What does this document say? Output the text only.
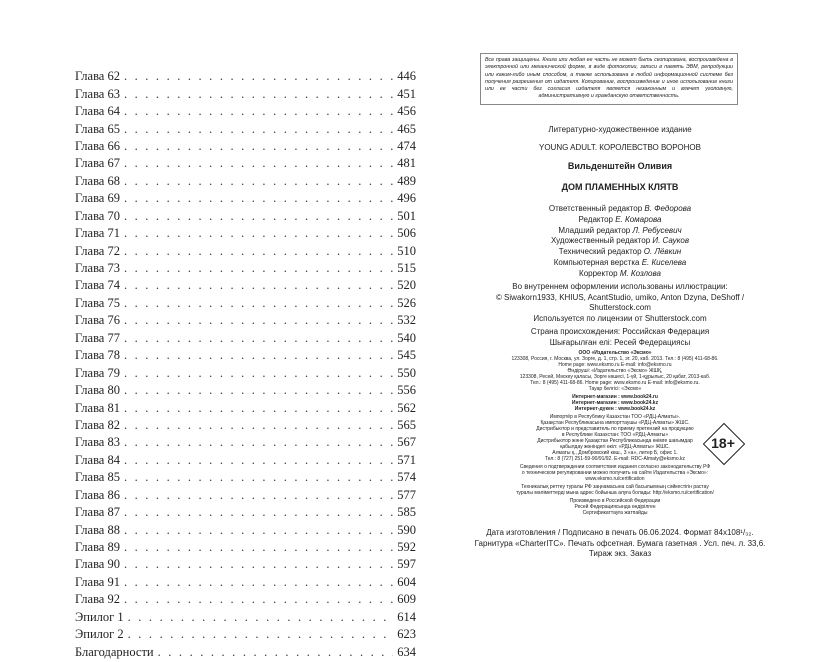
Глава 62 . . .	446
Глава 63 . . .	451
Глава 64 . . .	456
Глава 65 . . .	465
Глава 66 . . .	474
Глава 67 . . .	481
Глава 68 . . .	489
Глава 69 . . .	496
Глава 70 . . .	501
Глава 71 . . .	506
Глава 72 . . .	510
Глава 73 . . .	515
Глава 74 . . .	520
Глава 75 . . .	526
Глава 76 . . .	532
Глава 77 . . .	540
Глава 78 . . .	545
Глава 79 . . .	550
Глава 80 . . .	556
Глава 81 . . .	562
Глава 82 . . .	565
Глава 83 . . .	567
Глава 84 . . .	571
Глава 85 . . .	574
Глава 86 . . .	577
Глава 87 . . .	585
Глава 88 . . .	590
Глава 89 . . .	592
Глава 90 . . .	597
Глава 91 . . .	604
Глава 92 . . .	609
Эпилог 1 . . .	614
Эпилог 2 . . .	623
Благодарности . . .	634
Все права защищены. Книга или любая ее часть не может быть скопирована, воспроизведена в электронной или механической форме, в виде фотокопии, записи в память ЭВМ, репродукции или каким-либо иным способом, а также использована в любой информационной системе без получения разрешения от издателя. Копирование, воспроизведение и иное использование книги или ее части без согласия издателя является незаконным и влечет уголовную, административную и гражданскую ответственность.
Литературно-художественное издание
YOUNG ADULT. КОРОЛЕВСТВО ВОРОНОВ
Вильденштейн Оливия
ДОМ ПЛАМЕННЫХ КЛЯТВ
Ответственный редактор В. Федорова
Редактор Е. Комарова
Младший редактор Л. Ребусевич
Художественный редактор И. Сауков
Технический редактор О. Лёвкин
Компьютерная верстка Е. Киселева
Корректор М. Козлова
Во внутреннем оформлении использованы иллюстрации:
© Siwakorn1933, KHIUS, AcantStudio, umiko, Anton Dzyna, DeShoff /
Shutterstock.com
Используется по лицензии от Shutterstock.com
Страна происхождения: Российская Федерация
Шығарылған елі: Ресей Федерациясы
ООО «Издательство «Эксмо»
123308, Россия, г. Москва, ул. Зорге, д. 1, стр. 1, эт. 20, каб. 2013. Тел.: 8 (495) 411-68-86.
Home page: www.eksmo.ru E-mail: info@eksmo.ru
Өндіруші: «Издательство «Эксмо» ЖШҚ,
123308, Ресей, Мәскеу қаласы, Зорге көшесі, 1-үй, 1-құрылыс, 20 қабат, 2013-каб.
Тел.: 8 (495) 411-68-86. Home page: www.eksmo.ru E-mail: info@eksmo.ru.
Тауар белгісі: «Эксмо»
Интернет-магазин : www.book24.ru
Интернет-магазин : www.book24.kz
Интернет-дүкен : www.book24.kz
Импортёр в Республику Казахстан ТОО «РДЦ-Алматы».
Қазақстан Республикасына импорттаушы «РДЦ-Алматы» ЖШС.
Дистрибьютор и представитель по приему претензий на продукцию
в Республике Казахстан: ТОО «РДЦ-Алматы»
Дистрибьютор және Қазақстан Республикасында өнімге шағымдар
қабылдау жөніндегі өкіл: «РДЦ-Алматы» ЖШС.
Алматы қ., Домбровский көш., 3 «а», литер Б, офис 1.
Тел.: 8 (727) 251-59-90/91/92. E-mail: RDC-Almaty@eksmo.kz
Сведения о подтверждении соответствия издания согласно законодательству РФ
о техническом регулировании можно получить на сайте Издательства «Эксмо»:
www.eksmo.ru/certification
Техникалық реттеу туралы РФ заңнамасына сай басылымның сәйкестігін растау
туралы мәліметтерді мына адрес бойынша алуға болады: http://eksmo.ru/certification/
Произведено в Российской Федерации
Ресей Федерациясында өндірілген
Сертификаттауға жатпайды
18+
Дата изготовления / Подписано в печать 06.06.2024. Формат 84x108¹/₃₂.
Гарнитура «CharterITC». Печать офсетная. Бумага газетная . Усл. печ. л. 33,6.
Тираж экз. Заказ
